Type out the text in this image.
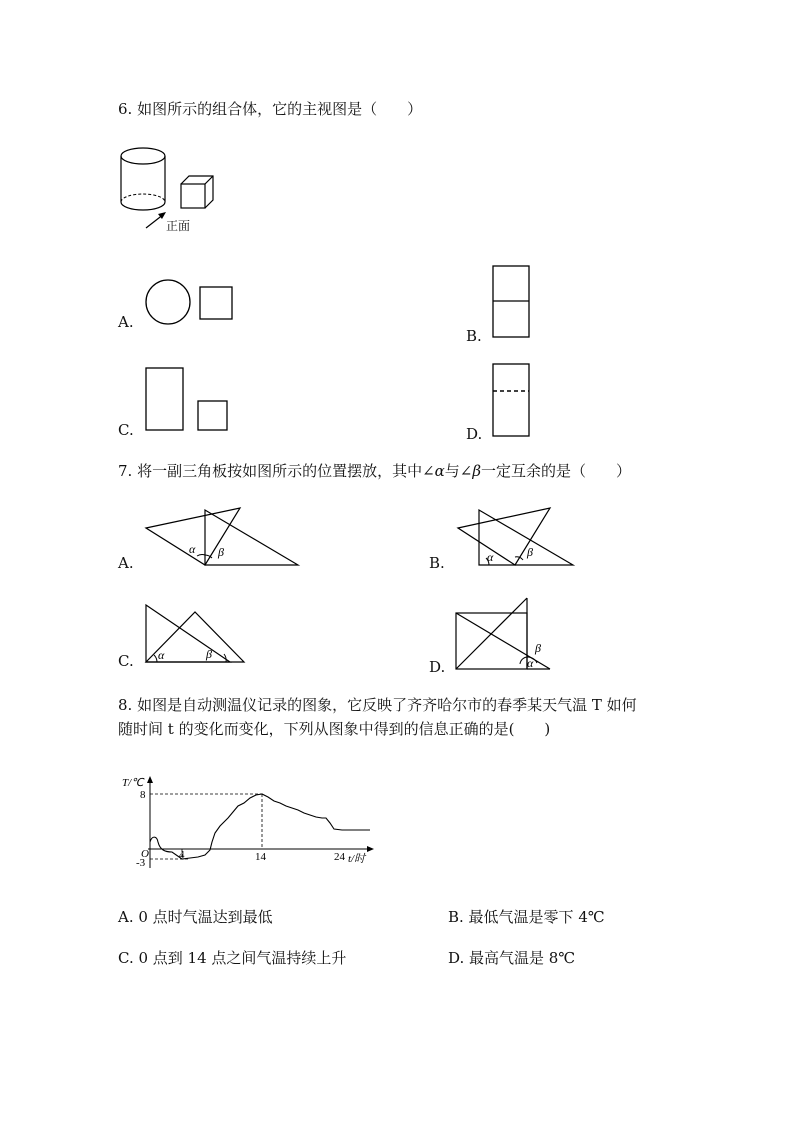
6. 如图所示的组合体，它的主视图是（　　）
正面
A.
B.
C.	D.
7. 将一副三角板按如图所示的位置摆放，其中∠α与∠β一定互余的是（　　）
A.
α β
B.	α	β
C. α	β
D.
β
α
8. 如图是自动测温仪记录的图象，它反映了齐齐哈尔市的春季某天气温 T 如何
随时间 t 的变化而变化，下列从图象中得到的信息正确的是(　　)
T/℃
t/时
O
8
-3
4	14	24
A. 0 点时气温达到最低	B. 最低气温是零下 4℃
C. 0 点到 14 点之间气温持续上升	D. 最高气温是 8℃
